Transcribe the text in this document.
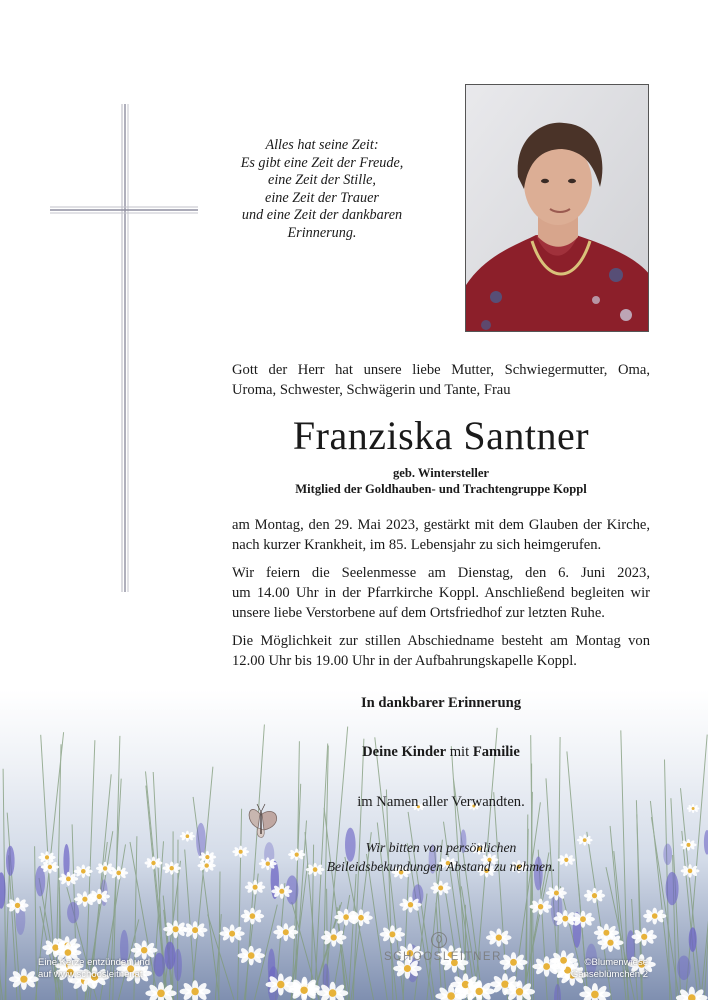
Alles hat seine Zeit:
Es gibt eine Zeit der Freude,
eine Zeit der Stille,
eine Zeit der Trauer
und eine Zeit der dankbaren
Erinnerung.
Gott der Herr hat unsere liebe Mutter, Schwiegermutter, Oma,
Uroma, Schwester, Schwägerin und Tante, Frau
Franziska Santner
geb. Wintersteller
Mitglied der Goldhauben- und Trachtengruppe Koppl

am Montag, den 29. Mai 2023, gestärkt mit dem Glauben der Kirche,
nach kurzer Krankheit, im 85. Lebensjahr zu sich heimgerufen.

Wir feiern die Seelenmesse am Dienstag, den 6. Juni 2023,
um 14.00 Uhr in der Pfarrkirche Koppl. Anschließend begleiten wir
unsere liebe Verstorbene auf dem Ortsfriedhof zur letzten Ruhe.

Die Möglichkeit zur stillen Abschiedname besteht am Montag von
12.00 Uhr bis 19.00 Uhr in der Aufbahrungskapelle Koppl.

In dankbarer Erinnerung
Deine Kinder mit Familie
im Namen aller Verwandten.
Wir bitten von persönlichen
Beileidsbekundungen Abstand zu nehmen.
Eine Kerze entzünden und
auf www.schoosleitner.at
SCHOOSLEITNER	©Blumenwiese
Gänseblümchen 2
